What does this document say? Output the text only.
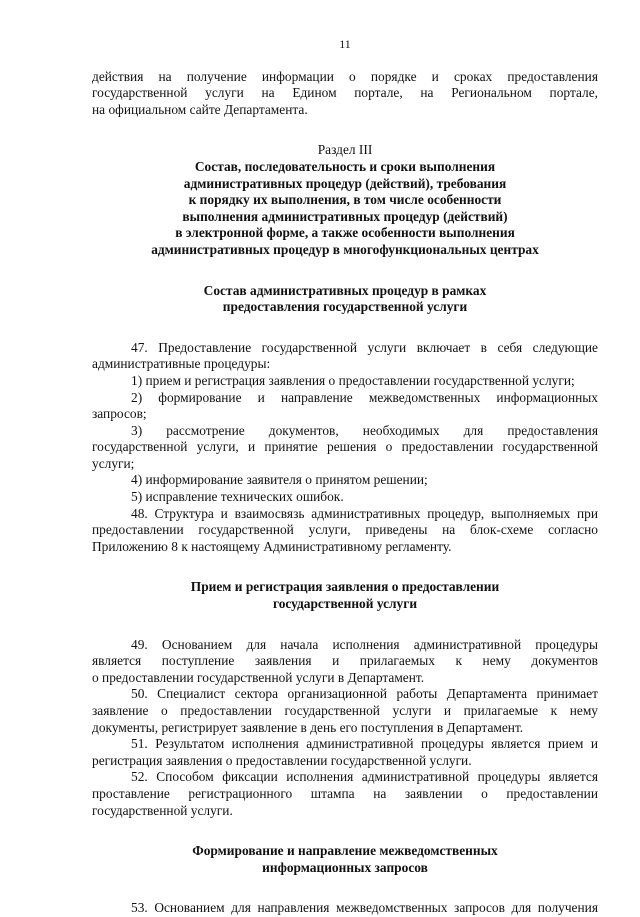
11
действия на получение информации о порядке и сроках предоставления
государственной услуги на Едином портале, на Региональном портале,
на официальном сайте Департамента.
Раздел III
Состав, последовательность и сроки выполнения
административных процедур (действий), требования
к порядку их выполнения, в том числе особенности
выполнения административных процедур (действий)
в электронной форме, а также особенности выполнения
административных процедур в многофункциональных центрах
Состав административных процедур в рамках
предоставления государственной услуги
47. Предоставление государственной услуги включает в себя следующие
административные процедуры:
1) прием и регистрация заявления о предоставлении государственной услуги;
2) формирование и направление межведомственных информационных
запросов;
3) рассмотрение документов, необходимых для предоставления
государственной услуги, и принятие решения о предоставлении государственной
услуги;
4) информирование заявителя о принятом решении;
5) исправление технических ошибок.
48. Структура и взаимосвязь административных процедур, выполняемых при
предоставлении государственной услуги, приведены на блок-схеме согласно
Приложению 8 к настоящему Административному регламенту.
Прием и регистрация заявления о предоставлении
государственной услуги
49. Основанием для начала исполнения административной процедуры
является поступление заявления и прилагаемых к нему документов
о предоставлении государственной услуги в Департамент.
50. Специалист сектора организационной работы Департамента принимает
заявление о предоставлении государственной услуги и прилагаемые к нему
документы, регистрирует заявление в день его поступления в Департамент.
51. Результатом исполнения административной процедуры является прием и
регистрация заявления о предоставлении государственной услуги.
52. Способом фиксации исполнения административной процедуры является
проставление регистрационного штампа на заявлении о предоставлении
государственной услуги.
Формирование и направление межведомственных
информационных запросов
53. Основанием для направления межведомственных запросов для получения
